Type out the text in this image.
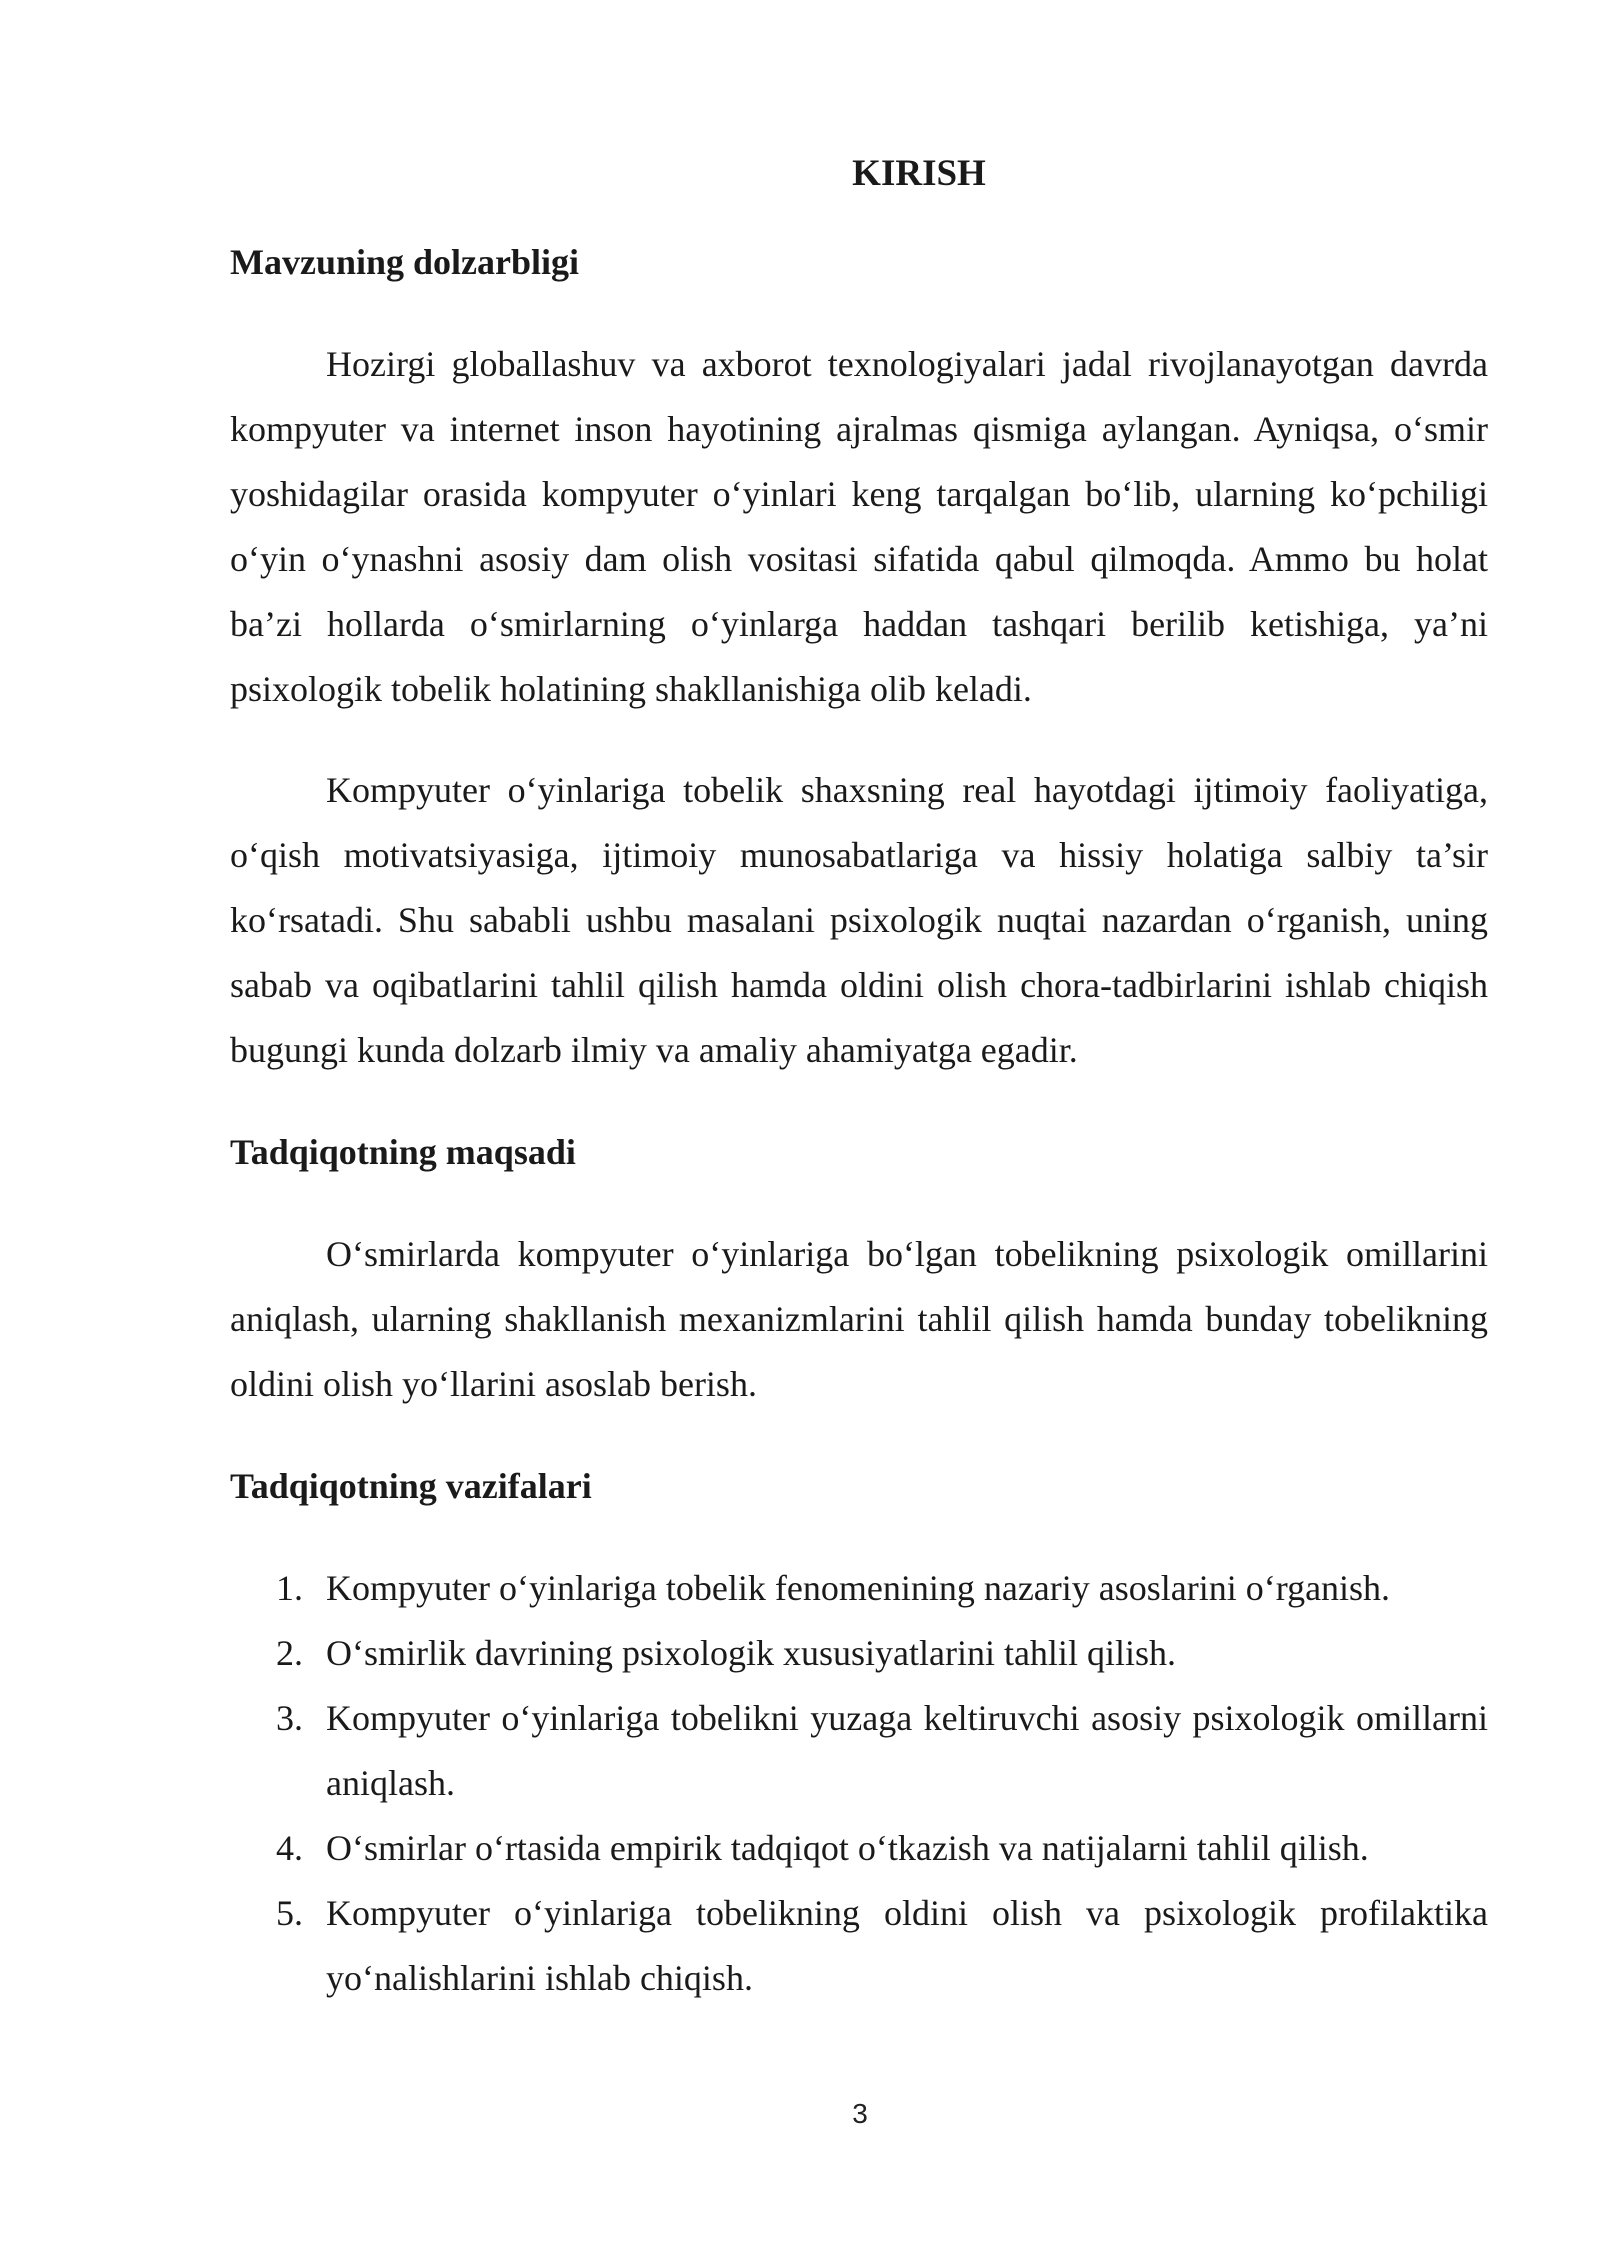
KIRISH
Mavzuning dolzarbligi

Hozirgi globallashuv va axborot texnologiyalari jadal rivojlanayotgan davrda kompyuter va internet inson hayotining ajralmas qismiga aylangan. Ayniqsa, o‘smir yoshidagilar orasida kompyuter o‘yinlari keng tarqalgan bo‘lib, ularning ko‘pchiligi o‘yin o‘ynashni asosiy dam olish vositasi sifatida qabul qilmoqda. Ammo bu holat ba’zi hollarda o‘smirlarning o‘yinlarga haddan tashqari berilib ketishiga, ya’ni psixologik tobelik holatining shakllanishiga olib keladi.

Kompyuter o‘yinlariga tobelik shaxsning real hayotdagi ijtimoiy faoliyatiga, o‘qish motivatsiyasiga, ijtimoiy munosabatlariga va hissiy holatiga salbiy ta’sir ko‘rsatadi. Shu sababli ushbu masalani psixologik nuqtai nazardan o‘rganish, uning sabab va oqibatlarini tahlil qilish hamda oldini olish chora-tadbirlarini ishlab chiqish bugungi kunda dolzarb ilmiy va amaliy ahamiyatga egadir.

Tadqiqotning maqsadi

O‘smirlarda kompyuter o‘yinlariga bo‘lgan tobelikning psixologik omillarini aniqlash, ularning shakllanish mexanizmlarini tahlil qilish hamda bunday tobelikning oldini olish yo‘llarini asoslab berish.

Tadqiqotning vazifalari
1. Kompyuter o‘yinlariga tobelik fenomenining nazariy asoslarini o‘rganish.
2. O‘smirlik davrining psixologik xususiyatlarini tahlil qilish.
3. Kompyuter o‘yinlariga tobelikni yuzaga keltiruvchi asosiy psixologik omillarni aniqlash.
4. O‘smirlar o‘rtasida empirik tadqiqot o‘tkazish va natijalarni tahlil qilish.
5. Kompyuter o‘yinlariga tobelikning oldini olish va psixologik profilaktika yo‘nalishlarini ishlab chiqish.
3
